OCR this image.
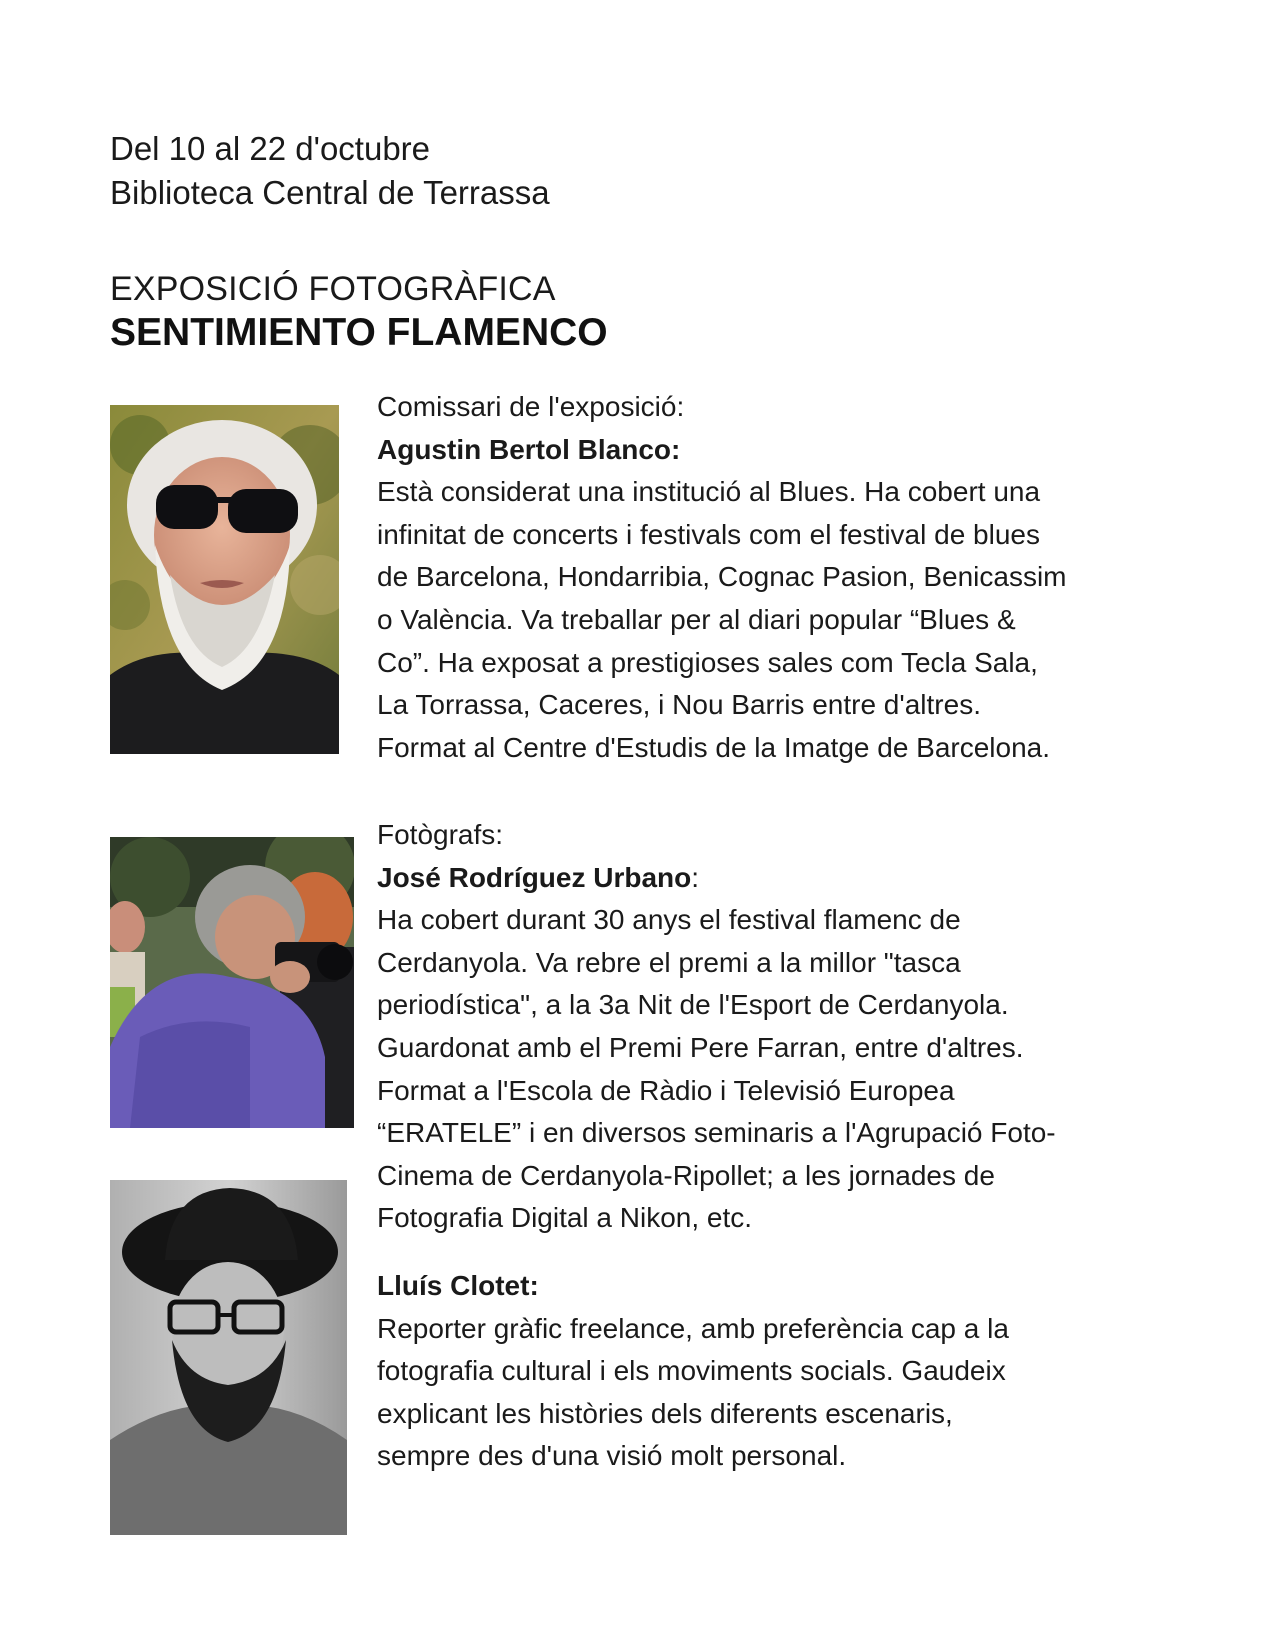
Del 10 al 22 d'octubre
Biblioteca Central de Terrassa
EXPOSICIÓ FOTOGRÀFICA
SENTIMIENTO FLAMENCO
Comissari de l'exposició:
Agustin Bertol Blanco:
Està considerat una institució al Blues. Ha cobert una
infinitat de concerts i festivals com el festival de blues
de Barcelona, Hondarribia, Cognac Pasion, Benicassim
o València. Va treballar per al diari popular “Blues &
Co”. Ha exposat a prestigioses sales com Tecla Sala,
La Torrassa, Caceres, i Nou Barris entre d'altres.
Format al Centre d'Estudis de la Imatge de Barcelona.
Fotògrafs:
José Rodríguez Urbano:
Ha cobert durant 30 anys el festival flamenc de
Cerdanyola. Va rebre el premi a la millor "tasca
periodística", a la 3a Nit de l'Esport de Cerdanyola.
Guardonat amb el Premi Pere Farran, entre d'altres.
Format a l'Escola de Ràdio i Televisió Europea
“ERATELE” i en diversos seminaris a l'Agrupació Foto-
Cinema de Cerdanyola-Ripollet; a les jornades de
Fotografia Digital a Nikon, etc.
Lluís Clotet:
Reporter gràfic freelance, amb preferència cap a la
fotografia cultural i els moviments socials. Gaudeix
explicant les històries dels diferents escenaris,
sempre des d'una visió molt personal.
